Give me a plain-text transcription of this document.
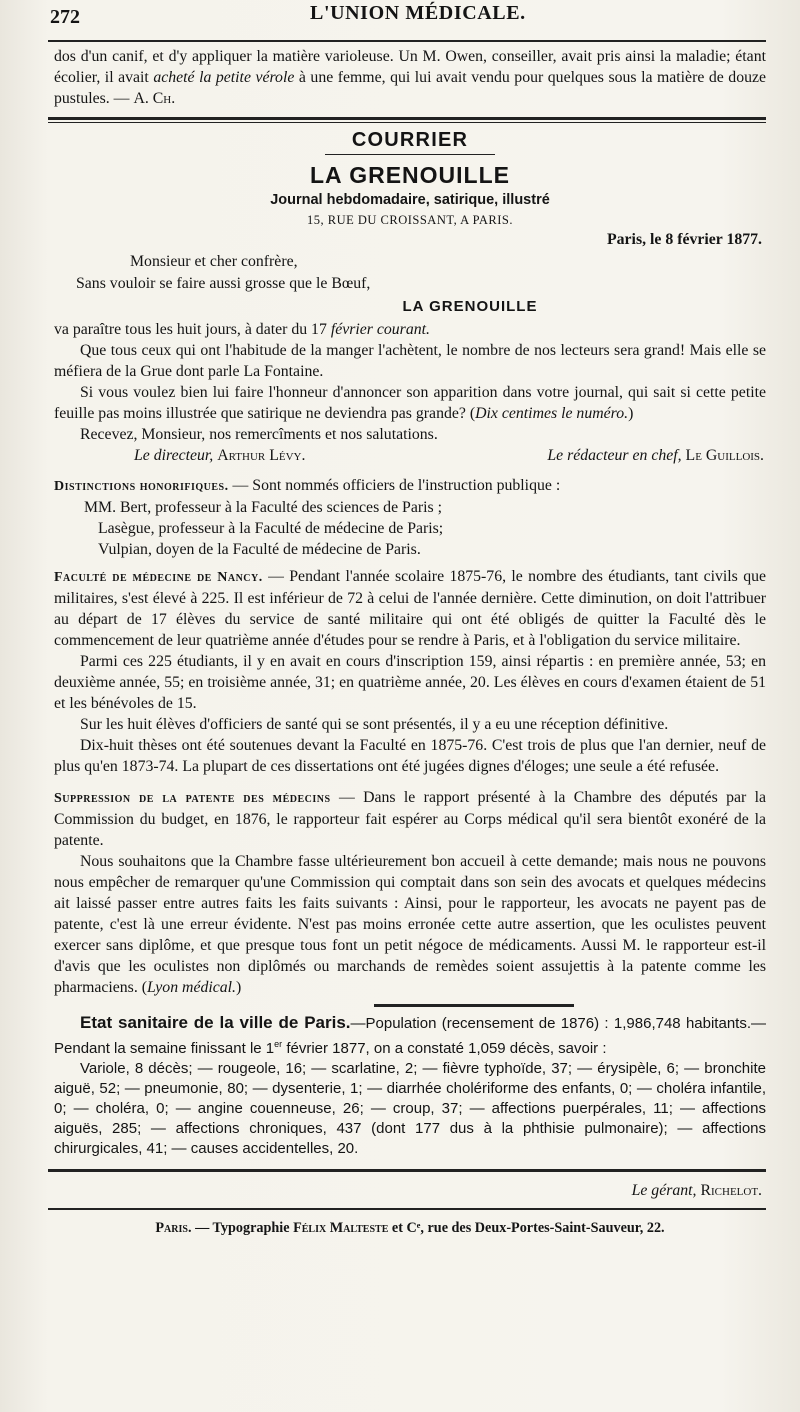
272	L'UNION MÉDICALE.

dos d'un canif, et d'y appliquer la matière varioleuse. Un M. Owen, conseiller, avait pris ainsi la maladie; étant écolier, il avait acheté la petite vérole à une femme, qui lui avait vendu pour quelques sous la matière de douze pustules. — A. Ch.

COURRIER
LA GRENOUILLE
Journal hebdomadaire, satirique, illustré
15, RUE DU CROISSANT, A PARIS.
Paris, le 8 février 1877.
Monsieur et cher confrère,
Sans vouloir se faire aussi grosse que le Bœuf,
LA GRENOUILLE

va paraître tous les huit jours, à dater du 17 février courant.

Que tous ceux qui ont l'habitude de la manger l'achètent, le nombre de nos lecteurs sera grand! Mais elle se méfiera de la Grue dont parle La Fontaine.

Si vous voulez bien lui faire l'honneur d'annoncer son apparition dans votre journal, qui sait si cette petite feuille pas moins illustrée que satirique ne deviendra pas grande? (Dix centimes le numéro.)

Recevez, Monsieur, nos remercîments et nos salutations.

Le directeur, Arthur Lévy.	Le rédacteur en chef, Le Guillois.

Distinctions honorifiques. — Sont nommés officiers de l'instruction publique :

MM. Bert, professeur à la Faculté des sciences de Paris ;
Lasègue, professeur à la Faculté de médecine de Paris;
Vulpian, doyen de la Faculté de médecine de Paris.

Faculté de médecine de Nancy. — Pendant l'année scolaire 1875-76, le nombre des étudiants, tant civils que militaires, s'est élevé à 225. Il est inférieur de 72 à celui de l'année dernière. Cette diminution, on doit l'attribuer au départ de 17 élèves du service de santé militaire qui ont été obligés de quitter la Faculté dès le commencement de leur quatrième année d'études pour se rendre à Paris, et à l'obligation du service militaire.

Parmi ces 225 étudiants, il y en avait en cours d'inscription 159, ainsi répartis : en première année, 53; en deuxième année, 55; en troisième année, 31; en quatrième année, 20. Les élèves en cours d'examen étaient de 51 et les bénévoles de 15.

Sur les huit élèves d'officiers de santé qui se sont présentés, il y a eu une réception définitive.

Dix-huit thèses ont été soutenues devant la Faculté en 1875-76. C'est trois de plus que l'an dernier, neuf de plus qu'en 1873-74. La plupart de ces dissertations ont été jugées dignes d'éloges; une seule a été refusée.

Suppression de la patente des médecins — Dans le rapport présenté à la Chambre des députés par la Commission du budget, en 1876, le rapporteur fait espérer au Corps médical qu'il sera bientôt exonéré de la patente.

Nous souhaitons que la Chambre fasse ultérieurement bon accueil à cette demande; mais nous ne pouvons nous empêcher de remarquer qu'une Commission qui comptait dans son sein des avocats et quelques médecins ait laissé passer entre autres faits les faits suivants : Ainsi, pour le rapporteur, les avocats ne payent pas de patente, c'est là une erreur évidente. N'est pas moins erronée cette autre assertion, que les oculistes peuvent exercer sans diplôme, et que presque tous font un petit négoce de médicaments. Aussi M. le rapporteur est-il d'avis que les oculistes non diplômés ou marchands de remèdes soient assujettis à la patente comme les pharmaciens. (Lyon médical.)

Etat sanitaire de la ville de Paris.—Population (recensement de 1876) : 1,986,748 habitants.—Pendant la semaine finissant le 1er février 1877, on a constaté 1,059 décès, savoir :

Variole, 8 décès; — rougeole, 16; — scarlatine, 2; — fièvre typhoïde, 37; — érysipèle, 6; — bronchite aiguë, 52; — pneumonie, 80; — dysenterie, 1; — diarrhée cholériforme des enfants, 0; — choléra infantile, 0; — choléra, 0; — angine couenneuse, 26; — croup, 37; — affections puerpérales, 11; — affections aiguës, 285; — affections chroniques, 437 (dont 177 dus à la phthisie pulmonaire); — affections chirurgicales, 41; — causes accidentelles, 20.

Le gérant, Richelot.
Paris. — Typographie Félix Malteste et Cᵉ, rue des Deux-Portes-Saint-Sauveur, 22.
